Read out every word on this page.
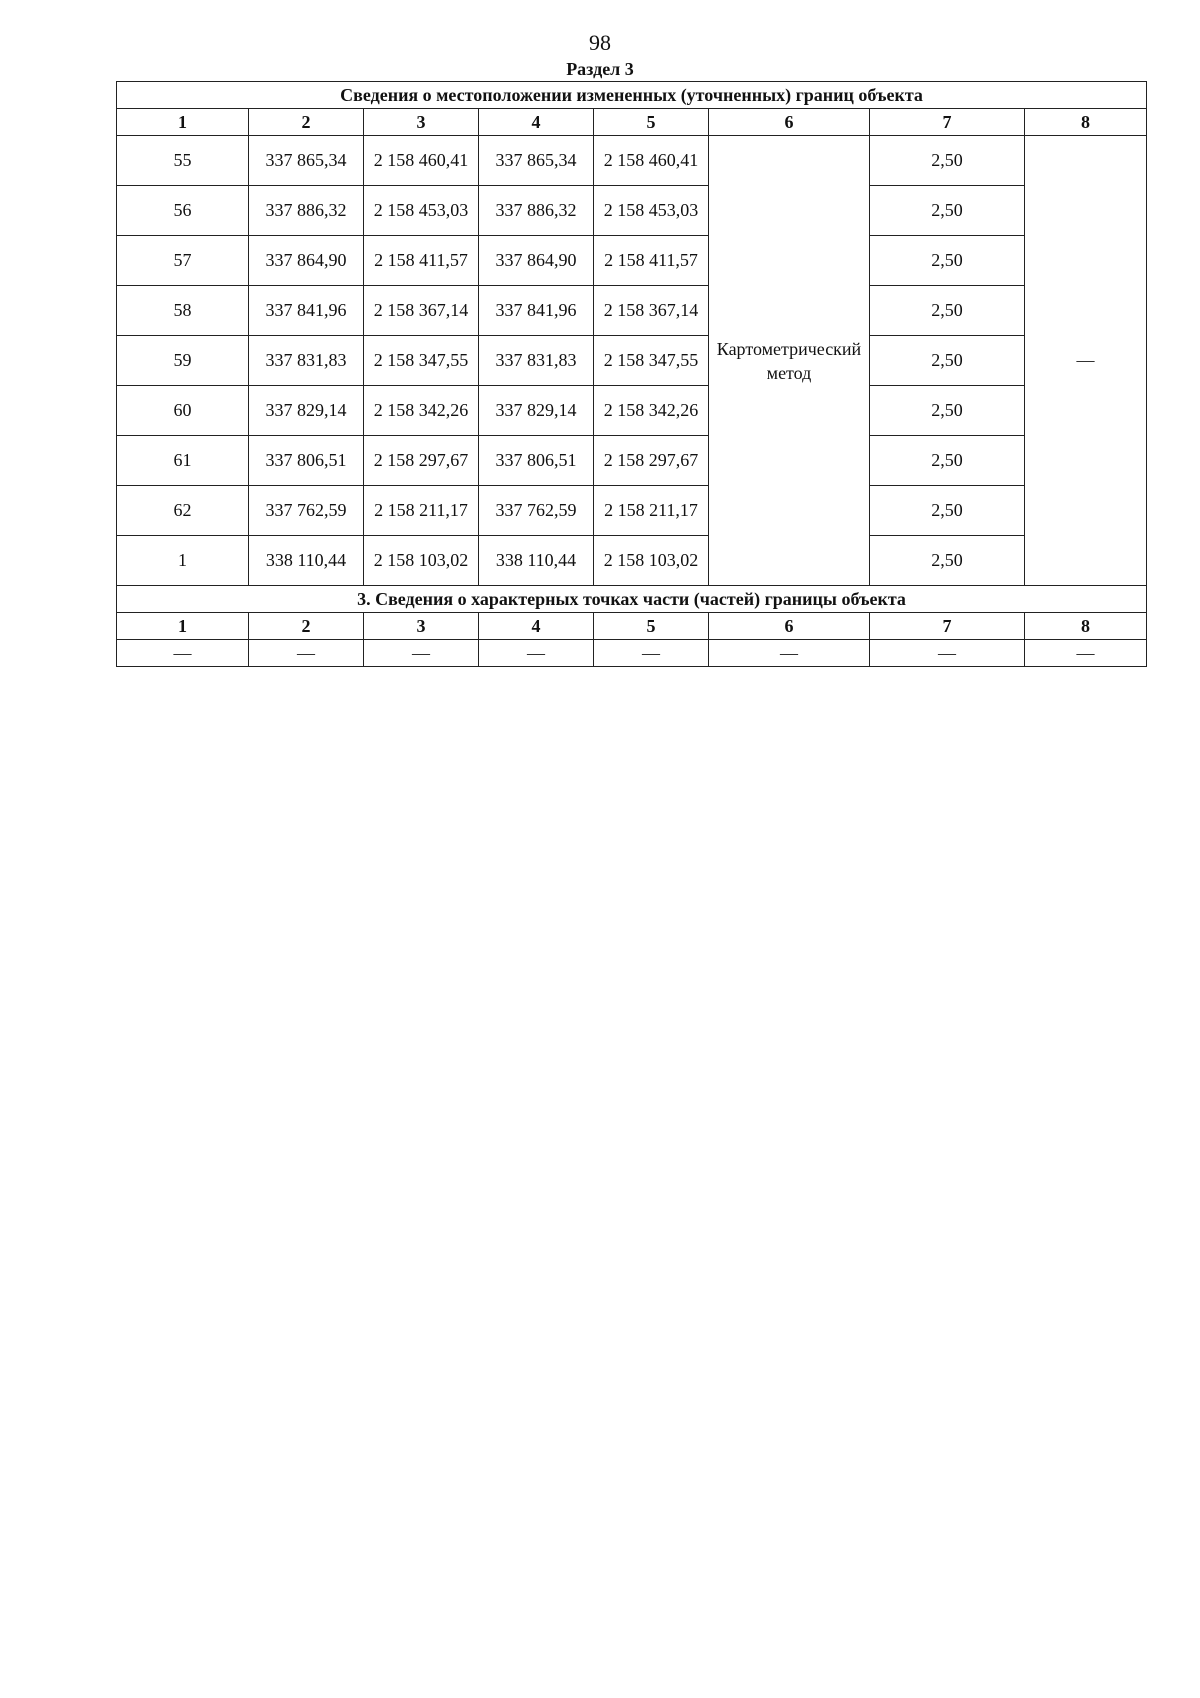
98
Раздел 3
Сведения о местоположении измененных (уточненных) границ объекта							
1	2	3	4	5	6	7	8
55	337 865,34	2 158 460,41	337 865,34	2 158 460,41	Картометрический метод	2,50	—
56	337 886,32	2 158 453,03	337 886,32	2 158 453,03		2,50	
57	337 864,90	2 158 411,57	337 864,90	2 158 411,57		2,50	
58	337 841,96	2 158 367,14	337 841,96	2 158 367,14		2,50	
59	337 831,83	2 158 347,55	337 831,83	2 158 347,55		2,50	
60	337 829,14	2 158 342,26	337 829,14	2 158 342,26		2,50	
61	337 806,51	2 158 297,67	337 806,51	2 158 297,67		2,50	
62	337 762,59	2 158 211,17	337 762,59	2 158 211,17		2,50	
1	338 110,44	2 158 103,02	338 110,44	2 158 103,02		2,50	
3. Сведения о характерных точках части (частей) границы объекта							
1	2	3	4	5	6	7	8
—	—	—	—	—	—	—	—
